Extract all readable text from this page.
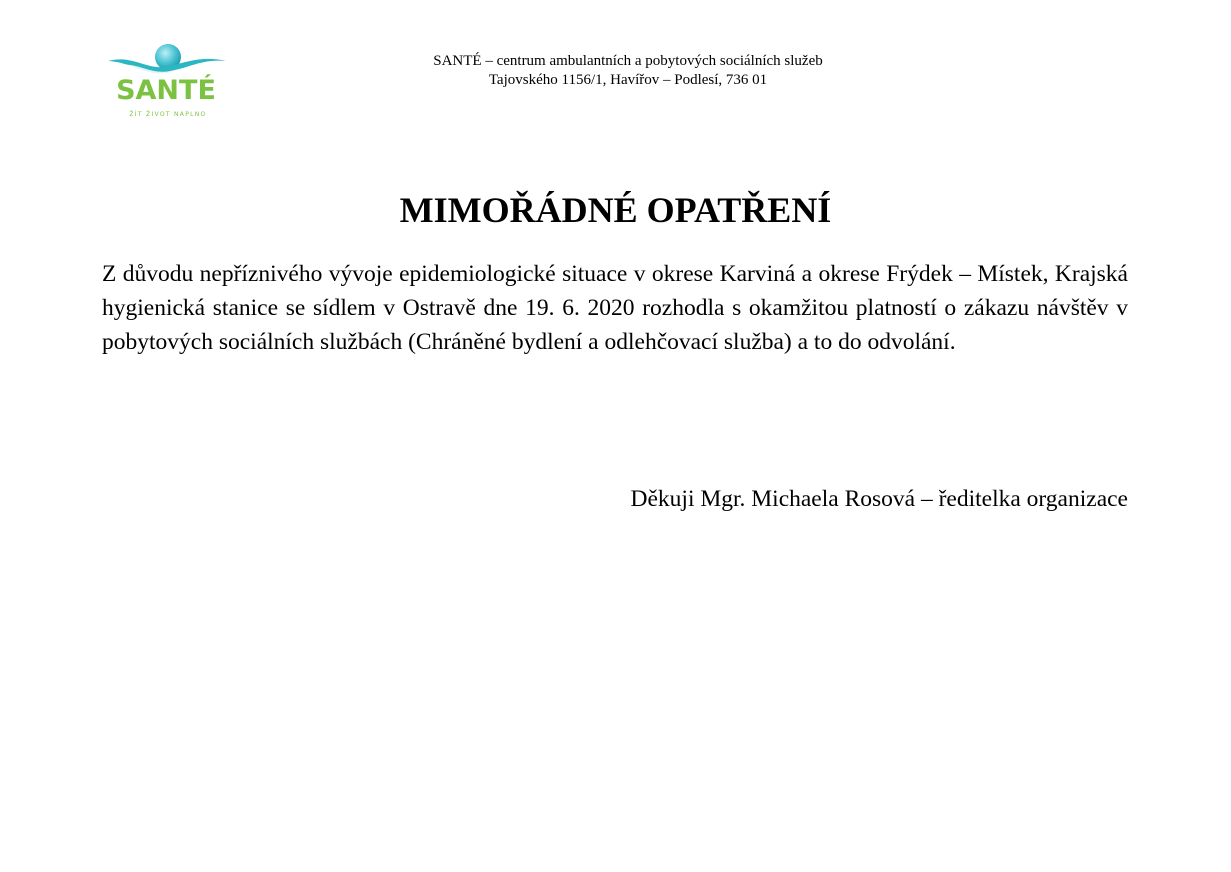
SANTÉ
ŽÍT ŽIVOT NAPLNO
SANTÉ – centrum ambulantních a pobytových sociálních služeb
Tajovského 1156/1, Havířov – Podlesí, 736 01
MIMOŘÁDNÉ OPATŘENÍ

Z důvodu nepříznivého vývoje epidemiologické situace v okrese Karviná a okrese Frýdek – Místek, Krajská hygienická stanice se sídlem v Ostravě dne 19. 6. 2020 rozhodla s okamžitou platností o zákazu návštěv v pobytových sociálních službách (Chráněné bydlení a odlehčovací služba) a to do odvolání.

Děkuji Mgr. Michaela Rosová – ředitelka organizace
